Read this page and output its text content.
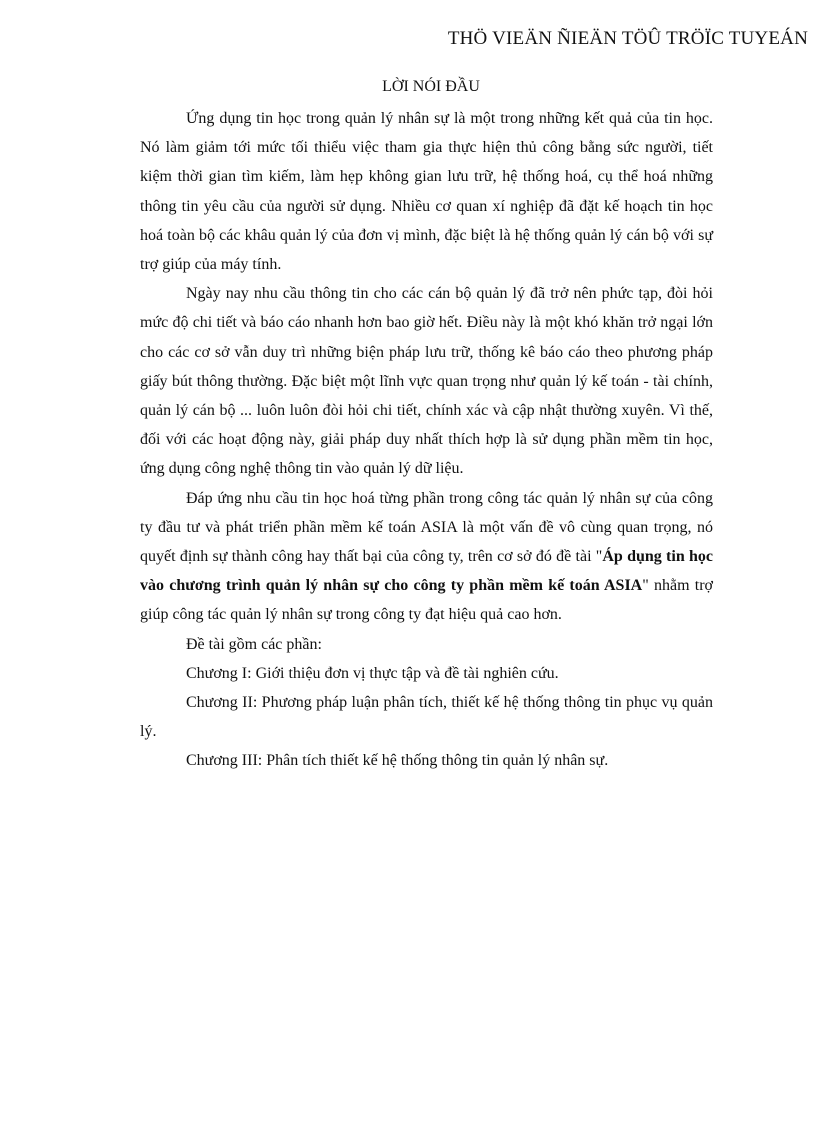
THÖ VIEÄN ÑIEÄN TÖÛ TRÖÏC TUYEÁN
LỜI NÓI ĐẦU

Ứng dụng tin học trong quản lý nhân sự là một trong những kết quả của tin học. Nó làm giảm tới mức tối thiểu việc tham gia thực hiện thủ công bằng sức người, tiết kiệm thời gian tìm kiếm, làm hẹp không gian lưu trữ, hệ thống hoá, cụ thể hoá những thông tin yêu cầu của người sử dụng. Nhiều cơ quan xí nghiệp đã đặt kế hoạch tin học hoá toàn bộ các khâu quản lý của đơn vị mình, đặc biệt là hệ thống quản lý cán bộ với sự trợ giúp của máy tính.

Ngày nay nhu cầu thông tin cho các cán bộ quản lý đã trở nên phức tạp, đòi hỏi mức độ chi tiết và báo cáo nhanh hơn bao giờ hết. Điều này là một khó khăn trở ngại lớn cho các cơ sở vẫn duy trì những biện pháp lưu trữ, thống kê báo cáo theo phương pháp giấy bút thông thường. Đặc biệt một lĩnh vực quan trọng như quản lý kế toán - tài chính, quản lý cán bộ ... luôn luôn đòi hỏi chi tiết, chính xác và cập nhật thường xuyên. Vì thế, đối với các hoạt động này, giải pháp duy nhất thích hợp là sử dụng phần mềm tin học, ứng dụng công nghệ thông tin vào quản lý dữ liệu.

Đáp ứng nhu cầu tin học hoá từng phần trong công tác quản lý nhân sự của công ty đầu tư và phát triển phần mềm kế toán ASIA là một vấn đề vô cùng quan trọng, nó quyết định sự thành công hay thất bại của công ty, trên cơ sở đó đề tài "Áp dụng tin học vào chương trình quản lý nhân sự cho công ty phần mềm kế toán ASIA" nhằm trợ giúp công tác quản lý nhân sự trong công ty đạt hiệu quả cao hơn.

Đề tài gồm các phần:

Chương I: Giới thiệu đơn vị thực tập và đề tài nghiên cứu.

Chương II: Phương pháp luận phân tích, thiết kế hệ thống thông tin phục vụ quản lý.

Chương III: Phân tích thiết kế hệ thống thông tin quản lý nhân sự.
